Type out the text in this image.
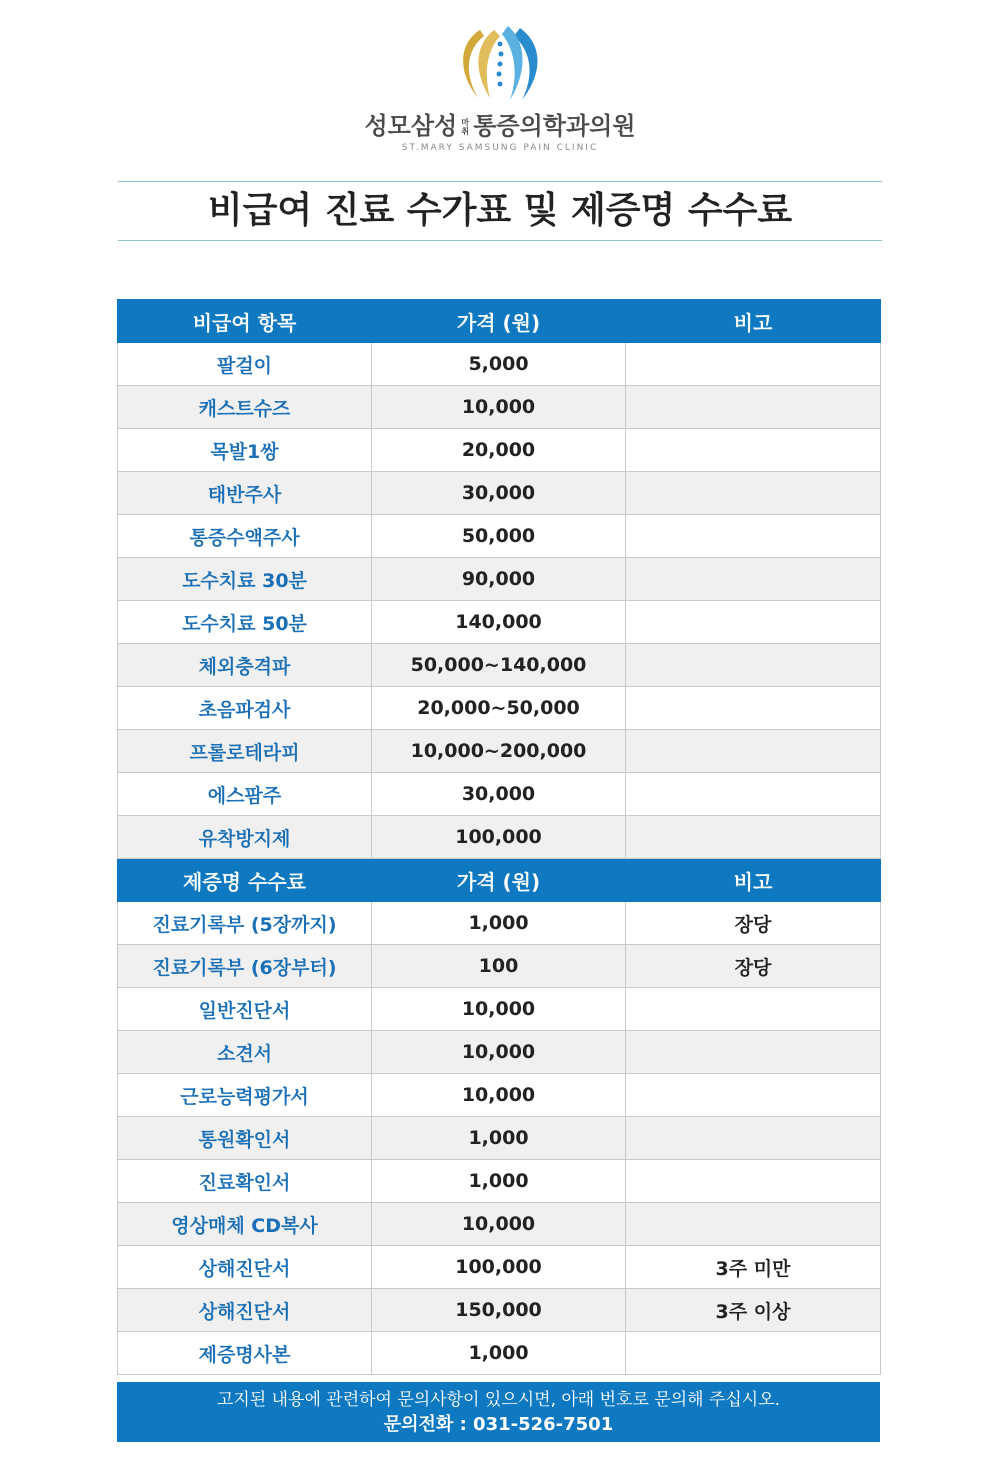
성모삼성 마취 통증의학과의원
ST.MARY SAMSUNG PAIN CLINIC
비급여 진료 수가표 및 제증명 수수료
비급여 항목	가격 (원)	비고
팔걸이	5,000	
캐스트슈즈	10,000	
목발1쌍	20,000	
태반주사	30,000	
통증수액주사	50,000	
도수치료 30분	90,000	
도수치료 50분	140,000	
체외충격파	50,000~140,000	
초음파검사	20,000~50,000	
프롤로테라피	10,000~200,000	
에스팜주	30,000	
유착방지제	100,000	
제증명 수수료	가격 (원)	비고
진료기록부 (5장까지)	1,000	장당
진료기록부 (6장부터)	100	장당
일반진단서	10,000	
소견서	10,000	
근로능력평가서	10,000	
통원확인서	1,000	
진료확인서	1,000	
영상매체 CD복사	10,000	
상해진단서	100,000	3주 미만
상해진단서	150,000	3주 이상
제증명사본	1,000	
고지된 내용에 관련하여 문의사항이 있으시면, 아래 번호로 문의해 주십시오.
문의전화 : 031-526-7501
